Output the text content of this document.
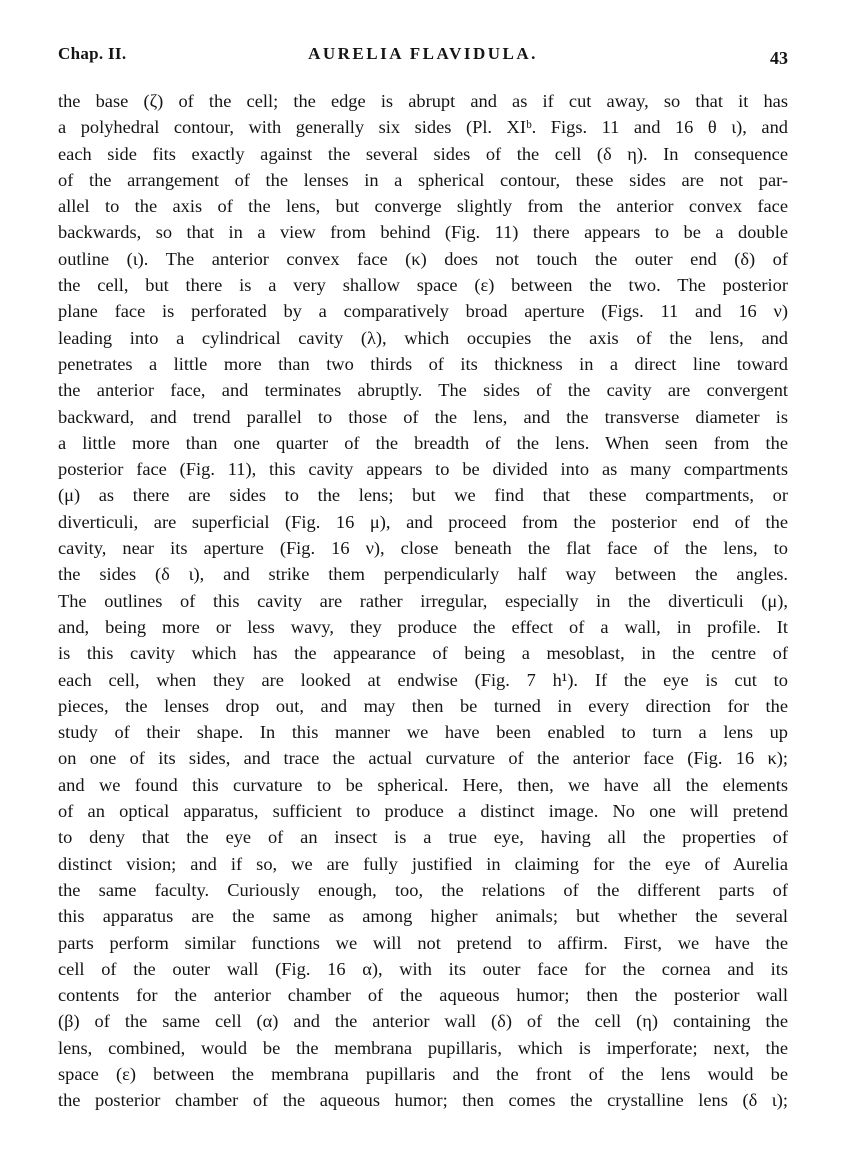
Chap. II.	AURELIA FLAVIDULA.	43
the base (ζ) of the cell; the edge is abrupt and as if cut away, so that it has
a polyhedral contour, with generally six sides (Pl. XIᵇ. Figs. 11 and 16 θ ι), and
each side fits exactly against the several sides of the cell (δ η). In consequence
of the arrangement of the lenses in a spherical contour, these sides are not par-
allel to the axis of the lens, but converge slightly from the anterior convex face
backwards, so that in a view from behind (Fig. 11) there appears to be a double
outline (ι). The anterior convex face (κ) does not touch the outer end (δ) of
the cell, but there is a very shallow space (ε) between the two. The posterior
plane face is perforated by a comparatively broad aperture (Figs. 11 and 16 ν)
leading into a cylindrical cavity (λ), which occupies the axis of the lens, and
penetrates a little more than two thirds of its thickness in a direct line toward
the anterior face, and terminates abruptly. The sides of the cavity are convergent
backward, and trend parallel to those of the lens, and the transverse diameter is
a little more than one quarter of the breadth of the lens. When seen from the
posterior face (Fig. 11), this cavity appears to be divided into as many compartments
(μ) as there are sides to the lens; but we find that these compartments, or
diverticuli, are superficial (Fig. 16 μ), and proceed from the posterior end of the
cavity, near its aperture (Fig. 16 ν), close beneath the flat face of the lens, to
the sides (δ ι), and strike them perpendicularly half way between the angles.
The outlines of this cavity are rather irregular, especially in the diverticuli (μ),
and, being more or less wavy, they produce the effect of a wall, in profile. It
is this cavity which has the appearance of being a mesoblast, in the centre of
each cell, when they are looked at endwise (Fig. 7 h¹). If the eye is cut to
pieces, the lenses drop out, and may then be turned in every direction for the
study of their shape. In this manner we have been enabled to turn a lens up
on one of its sides, and trace the actual curvature of the anterior face (Fig. 16 κ);
and we found this curvature to be spherical. Here, then, we have all the elements
of an optical apparatus, sufficient to produce a distinct image. No one will pretend
to deny that the eye of an insect is a true eye, having all the properties of
distinct vision; and if so, we are fully justified in claiming for the eye of Aurelia
the same faculty. Curiously enough, too, the relations of the different parts of
this apparatus are the same as among higher animals; but whether the several
parts perform similar functions we will not pretend to affirm. First, we have the
cell of the outer wall (Fig. 16 α), with its outer face for the cornea and its
contents for the anterior chamber of the aqueous humor; then the posterior wall
(β) of the same cell (α) and the anterior wall (δ) of the cell (η) containing the
lens, combined, would be the membrana pupillaris, which is imperforate; next, the
space (ε) between the membrana pupillaris and the front of the lens would be
the posterior chamber of the aqueous humor; then comes the crystalline lens (δ ι);
